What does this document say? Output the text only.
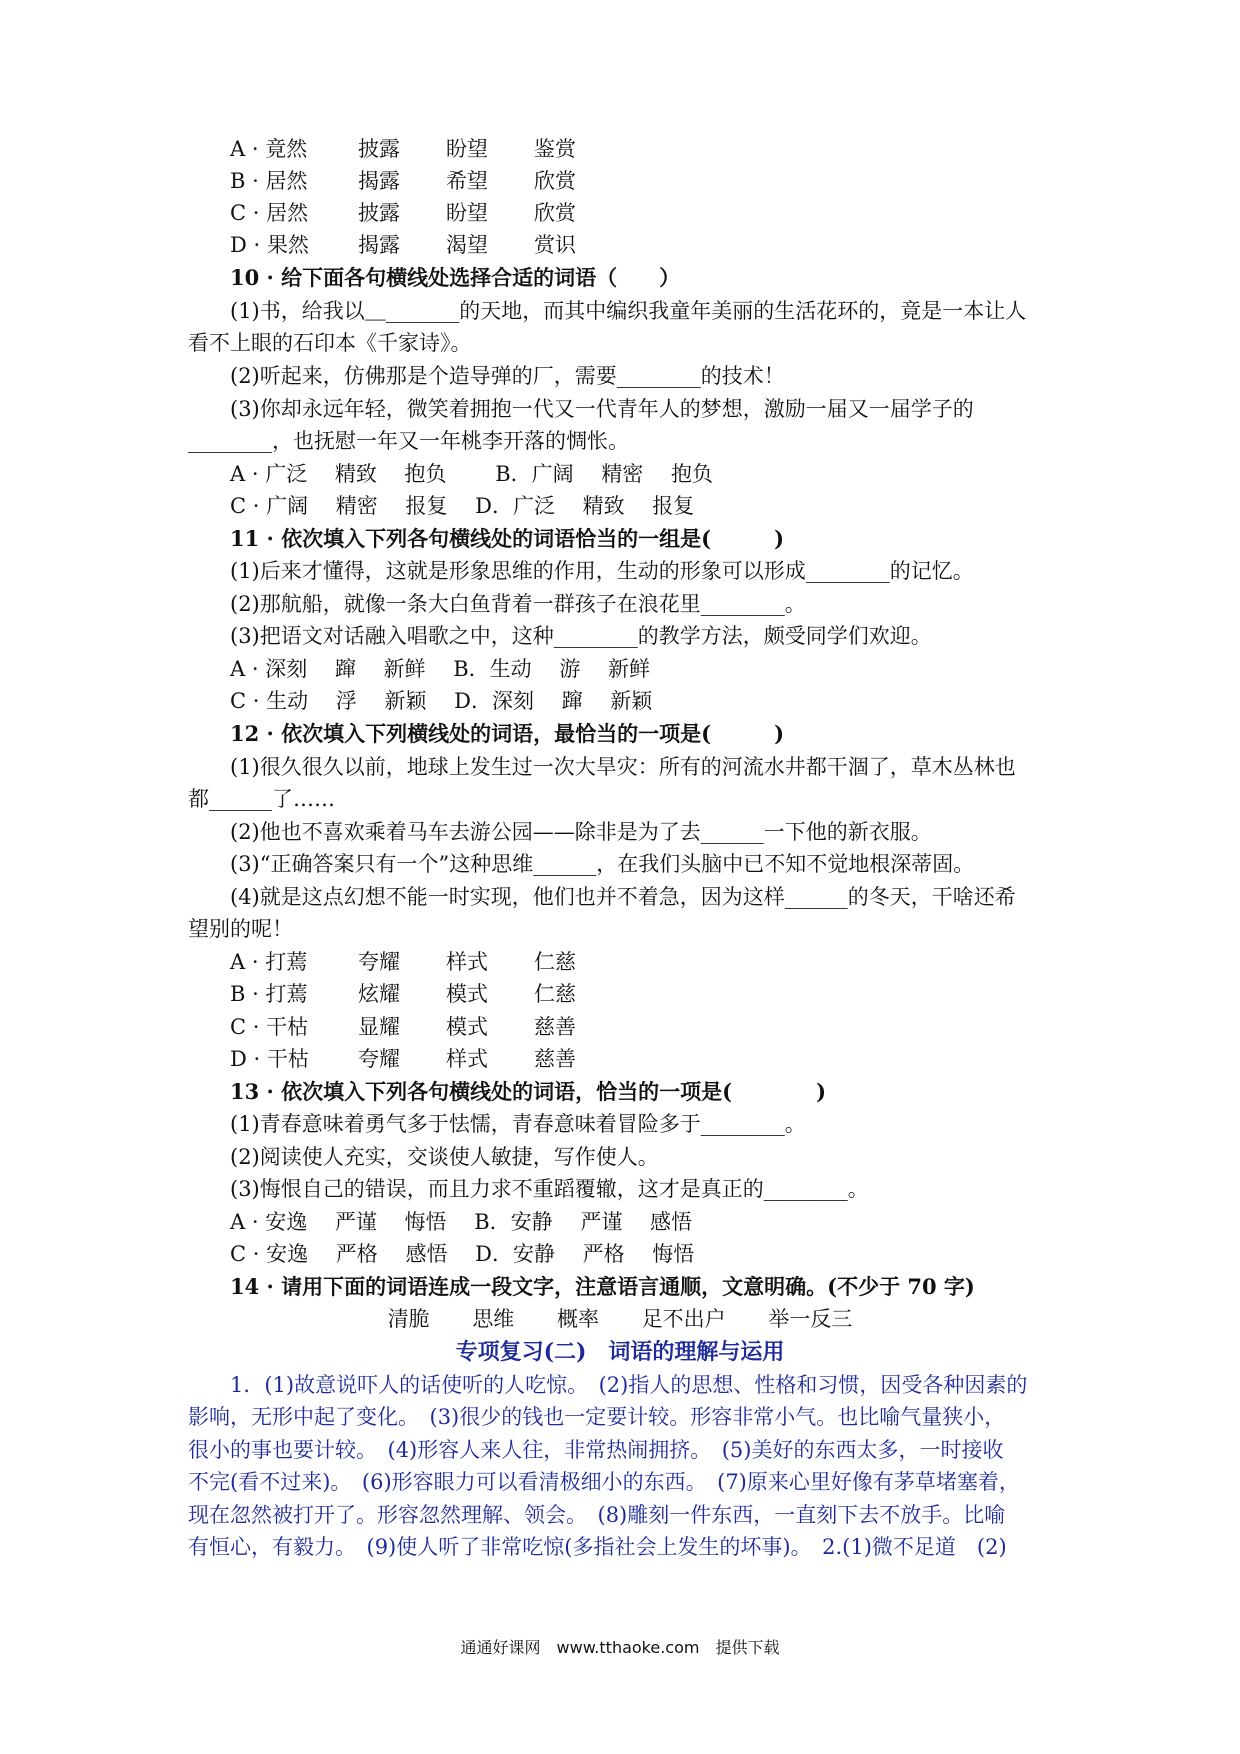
A · 竟然 披露 盼望 鉴赏
B · 居然 揭露 希望 欣赏
C · 居然 披露 盼望 欣赏
D · 果然 揭露 渴望 赏识
10 · 给下面各句横线处选择合适的词语（　　）
(1)书，给我以＿_______的天地，而其中编织我童年美丽的生活花环的，竟是一本让人
看不上眼的石印本《千家诗》。
(2)听起来，仿佛那是个造导弹的厂，需要________的技术！
(3)你却永远年轻，微笑着拥抱一代又一代青年人的梦想，激励一届又一届学子的
________，也抚慰一年又一年桃李开落的惆怅。
A · 广泛　 精致　 抱负　　 B．广阔　 精密　 抱负
C · 广阔　 精密　 报复　 D．广泛　 精致　 报复
11 · 依次填入下列各句横线处的词语恰当的一组是(　　　)
(1)后来才懂得，这就是形象思维的作用，生动的形象可以形成________的记忆。
(2)那航船，就像一条大白鱼背着一群孩子在浪花里________。
(3)把语文对话融入唱歌之中，这种________的教学方法，颇受同学们欢迎。
A · 深刻　 蹿　 新鲜　 B．生动　 游　 新鲜
C · 生动　 浮　 新颖　 D．深刻　 蹿　 新颖
12 · 依次填入下列横线处的词语，最恰当的一项是(　　　)
(1)很久很久以前，地球上发生过一次大旱灾：所有的河流水井都干涸了，草木丛林也
都______了……
(2)他也不喜欢乘着马车去游公园——除非是为了去______一下他的新衣服。
(3)“正确答案只有一个”这种思维______，在我们头脑中已不知不觉地根深蒂固。
(4)就是这点幻想不能一时实现，他们也并不着急，因为这样______的冬天，干啥还希
望别的呢！
A · 打蔫 夸耀 样式 仁慈
B · 打蔫 炫耀 模式 仁慈
C · 干枯 显耀 模式 慈善
D · 干枯 夸耀 样式 慈善
13 · 依次填入下列各句横线处的词语，恰当的一项是(　　　　)
(1)青春意味着勇气多于怯懦，青春意味着冒险多于________。
(2)阅读使人充实，交谈使人敏捷，写作使人。
(3)悔恨自己的错误，而且力求不重蹈覆辙，这才是真正的________。
A · 安逸　 严谨　 悔悟　 B．安静　 严谨　 感悟
C · 安逸　 严格　 感悟　 D．安静　 严格　 悔悟
14 · 请用下面的词语连成一段文字，注意语言通顺，文意明确。(不少于 70 字)
清脆 思维 概率 足不出户 举一反三
专项复习(二)　词语的理解与运用
1．(1)故意说吓人的话使听的人吃惊。　(2)指人的思想、性格和习惯，因受各种因素的
影响，无形中起了变化。　(3)很少的钱也一定要计较。形容非常小气。也比喻气量狭小，
很小的事也要计较。　(4)形容人来人往，非常热闹拥挤。　(5)美好的东西太多，一时接收
不完(看不过来)。　(6)形容眼力可以看清极细小的东西。　(7)原来心里好像有茅草堵塞着，
现在忽然被打开了。形容忽然理解、领会。　(8)雕刻一件东西，一直刻下去不放手。比喻
有恒心，有毅力。　(9)使人听了非常吃惊(多指社会上发生的坏事)。　2.(1)微不足道　(2)
通通好课网　www.tthaoke.com　提供下载
